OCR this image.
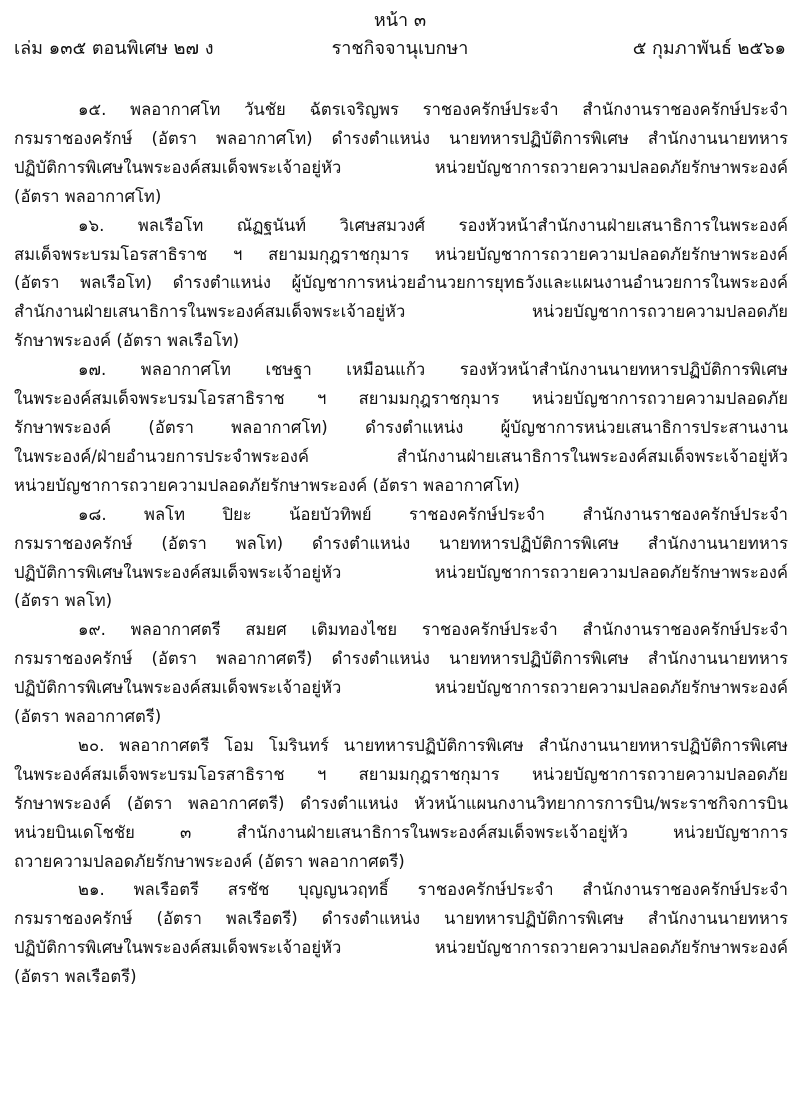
หน้า ๓
เล่ม ๑๓๕ ตอนพิเศษ ๒๗ ง	ราชกิจจานุเบกษา	๕ กุมภาพันธ์ ๒๕๖๑

๑๕. พลอากาศโท วันชัย ฉัตรเจริญพร ราชองครักษ์ประจำ สำนักงานราชองครักษ์ประจำ
กรมราชองครักษ์ (อัตรา พลอากาศโท) ดำรงตำแหน่ง นายทหารปฏิบัติการพิเศษ สำนักงานนายทหาร
ปฏิบัติการพิเศษในพระองค์สมเด็จพระเจ้าอยู่หัว หน่วยบัญชาการถวายความปลอดภัยรักษาพระองค์
(อัตรา พลอากาศโท)

๑๖. พลเรือโท ณัฏฐนันท์ วิเศษสมวงศ์ รองหัวหน้าสำนักงานฝ่ายเสนาธิการในพระองค์
สมเด็จพระบรมโอรสาธิราช ฯ สยามมกุฎราชกุมาร หน่วยบัญชาการถวายความปลอดภัยรักษาพระองค์
(อัตรา พลเรือโท) ดำรงตำแหน่ง ผู้บัญชาการหน่วยอำนวยการยุทธวังและแผนงานอำนวยการในพระองค์
สำนักงานฝ่ายเสนาธิการในพระองค์สมเด็จพระเจ้าอยู่หัว หน่วยบัญชาการถวายความปลอดภัย
รักษาพระองค์ (อัตรา พลเรือโท)

๑๗. พลอากาศโท เชษฐา เหมือนแก้ว รองหัวหน้าสำนักงานนายทหารปฏิบัติการพิเศษ
ในพระองค์สมเด็จพระบรมโอรสาธิราช ฯ สยามมกุฎราชกุมาร หน่วยบัญชาการถวายความปลอดภัย
รักษาพระองค์ (อัตรา พลอากาศโท) ดำรงตำแหน่ง ผู้บัญชาการหน่วยเสนาธิการประสานงาน
ในพระองค์/ฝ่ายอำนวยการประจำพระองค์ สำนักงานฝ่ายเสนาธิการในพระองค์สมเด็จพระเจ้าอยู่หัว
หน่วยบัญชาการถวายความปลอดภัยรักษาพระองค์ (อัตรา พลอากาศโท)

๑๘. พลโท ปิยะ น้อยบัวทิพย์ ราชองครักษ์ประจำ สำนักงานราชองครักษ์ประจำ
กรมราชองครักษ์ (อัตรา พลโท) ดำรงตำแหน่ง นายทหารปฏิบัติการพิเศษ สำนักงานนายทหาร
ปฏิบัติการพิเศษในพระองค์สมเด็จพระเจ้าอยู่หัว หน่วยบัญชาการถวายความปลอดภัยรักษาพระองค์
(อัตรา พลโท)

๑๙. พลอากาศตรี สมยศ เติมทองไชย ราชองครักษ์ประจำ สำนักงานราชองครักษ์ประจำ
กรมราชองครักษ์ (อัตรา พลอากาศตรี) ดำรงตำแหน่ง นายทหารปฏิบัติการพิเศษ สำนักงานนายทหาร
ปฏิบัติการพิเศษในพระองค์สมเด็จพระเจ้าอยู่หัว หน่วยบัญชาการถวายความปลอดภัยรักษาพระองค์
(อัตรา พลอากาศตรี)

๒๐. พลอากาศตรี โอม โมรินทร์ นายทหารปฏิบัติการพิเศษ สำนักงานนายทหารปฏิบัติการพิเศษ
ในพระองค์สมเด็จพระบรมโอรสาธิราช ฯ สยามมกุฎราชกุมาร หน่วยบัญชาการถวายความปลอดภัย
รักษาพระองค์ (อัตรา พลอากาศตรี) ดำรงตำแหน่ง หัวหน้าแผนกงานวิทยาการการบิน/พระราชกิจการบิน
หน่วยบินเดโชชัย ๓ สำนักงานฝ่ายเสนาธิการในพระองค์สมเด็จพระเจ้าอยู่หัว หน่วยบัญชาการ
ถวายความปลอดภัยรักษาพระองค์ (อัตรา พลอากาศตรี)

๒๑. พลเรือตรี สรชัช บุญญนวฤทธิ์ ราชองครักษ์ประจำ สำนักงานราชองครักษ์ประจำ
กรมราชองครักษ์ (อัตรา พลเรือตรี) ดำรงตำแหน่ง นายทหารปฏิบัติการพิเศษ สำนักงานนายทหาร
ปฏิบัติการพิเศษในพระองค์สมเด็จพระเจ้าอยู่หัว หน่วยบัญชาการถวายความปลอดภัยรักษาพระองค์
(อัตรา พลเรือตรี)
